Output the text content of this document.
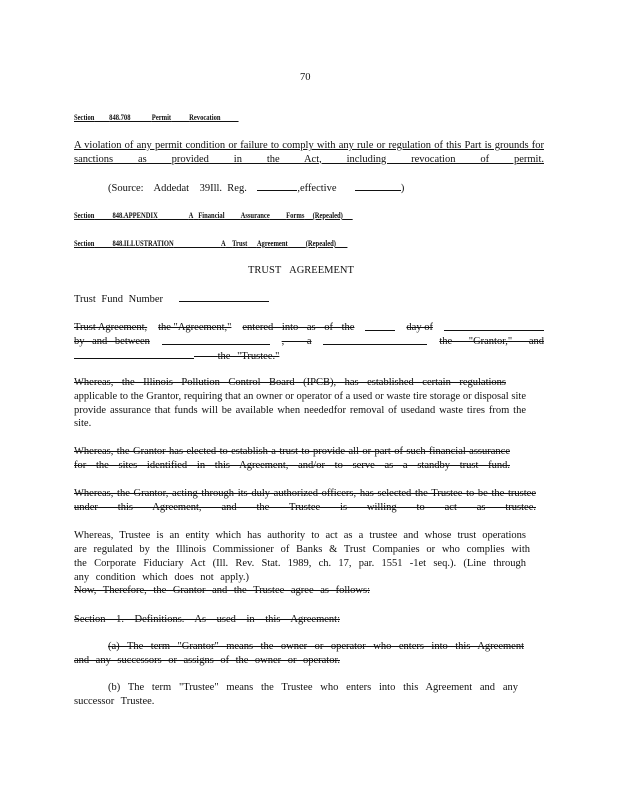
70
Section 848.708	Permit Revocation
A violation of any permit condition or failure to comply with any rule or regulation of this Part is grounds for sanctions as provided in the Act, including revocation of permit.
(Source: Addedat 39Ill. Reg.	,effective	)
Section 848.APPENDIX	A Financial Assurance Forms (Repealed)
Section 848.ILLUSTRATION	A Trust Agreement (Repealed)
TRUST AGREEMENT
Trust Fund Number
Trust Agreement, the "Agreement," entered into as of the	day of
by and between	, a	the "Grantor," and
the "Trustee."
Whereas, the Illinois Pollution Control Board (IPCB), has established certain regulations
applicable to the Grantor, requiring that an owner or operator of a used or waste tire storage or disposal site provide assurance that funds will be available when neededfor removal of usedand waste tires from the site.
Whereas, the Grantor has elected to establish a trust to provide all or part of such financial assurance for the sites identified in this Agreement, and/or to serve as a standby trust fund.
Whereas, the Grantor, acting through its duly authorized officers, has selected the Trustee to be the trustee under this Agreement, and the Trustee is willing to act as trustee.
Whereas, Trustee is an entity which has authority to act as a trustee and whose trust operations
are regulated by the Illinois Commissioner of Banks & Trust Companies or who complies with
the Corporate Fiduciary Act (Ill. Rev. Stat. 1989, ch. 17, par. 1551 -1et seq.). (Line through
any condition which does not apply.)
Now, Therefore, the Grantor and the Trustee agree as follows:
Section 1. Definitions. As used in this Agreement:
(a) The term "Grantor" means the owner or operator who enters into this Agreement
and any successors or assigns of the owner or operator.
(b) The term "Trustee" means the Trustee who enters into this Agreement and any
successor Trustee.
